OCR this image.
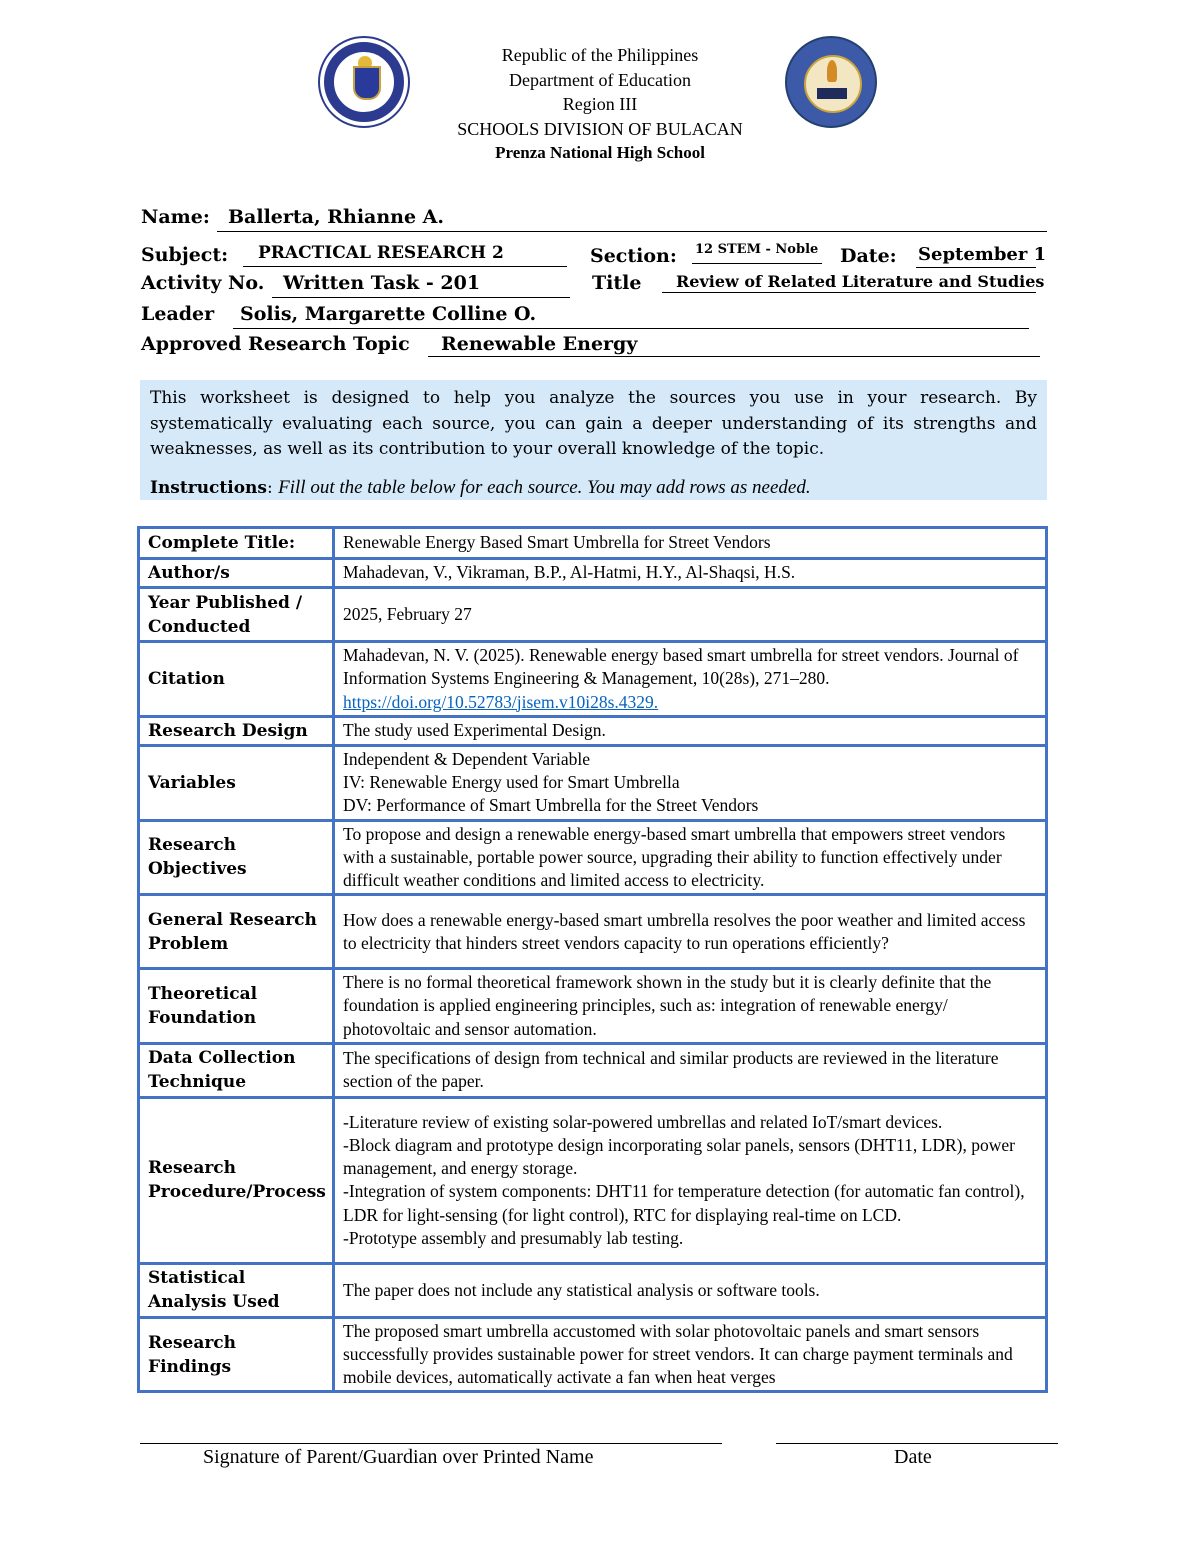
Republic of the Philippines
Department of Education
Region III
SCHOOLS DIVISION OF BULACAN
Prenza National High School
Name: Ballerta, Rhianne A.
Subject: PRACTICAL RESEARCH 2	Section: 12 STEM - Noble Date: September 1
Activity No. Written Task - 201	Title Review of Related Literature and Studies
Leader Solis, Margarette Colline O.
Approved Research Topic Renewable Energy
This worksheet is designed to help you analyze the sources you use in your research. By systematically evaluating each source, you can gain a deeper understanding of its strengths and weaknesses, as well as its contribution to your overall knowledge of the topic.
Instructions: Fill out the table below for each source. You may add rows as needed.
Complete Title:	Renewable Energy Based Smart Umbrella for Street Vendors
Author/s	Mahadevan, V., Vikraman, B.P., Al-Hatmi, H.Y., Al-Shaqsi, H.S.
Year Published / Conducted	2025, February 27
Citation	Mahadevan, N. V. (2025). Renewable energy based smart umbrella for street vendors. Journal of Information Systems Engineering & Management, 10(28s), 271–280.
https://doi.org/10.52783/jisem.v10i28s.4329.
Research Design	The study used Experimental Design.
Variables	Independent & Dependent Variable
IV: Renewable Energy used for Smart Umbrella
DV: Performance of Smart Umbrella for the Street Vendors

Research Objectives	To propose and design a renewable energy-based smart umbrella that empowers street vendors with a sustainable, portable power source, upgrading their ability to function effectively under difficult weather conditions and limited access to electricity.
General Research Problem	How does a renewable energy-based smart umbrella resolves the poor weather and limited access to electricity that hinders street vendors capacity to run operations efficiently?
Theoretical Foundation	There is no formal theoretical framework shown in the study but it is clearly definite that the foundation is applied engineering principles, such as: integration of renewable energy/ photovoltaic and sensor automation.
Data Collection Technique	The specifications of design from technical and similar products are reviewed in the literature section of the paper.
Research Procedure/Process	-Literature review of existing solar-powered umbrellas and related IoT/smart devices.
-Block diagram and prototype design incorporating solar panels, sensors (DHT11, LDR), power management, and energy storage.
-Integration of system components: DHT11 for temperature detection (for automatic fan control), LDR for light-sensing (for light control), RTC for displaying real-time on LCD.
-Prototype assembly and presumably lab testing.

Statistical Analysis Used	The paper does not include any statistical analysis or software tools.
Research Findings	The proposed smart umbrella accustomed with solar photovoltaic panels and smart sensors successfully provides sustainable power for street vendors. It can charge payment terminals and mobile devices, automatically activate a fan when heat verges
Signature of Parent/Guardian over Printed Name	Date
